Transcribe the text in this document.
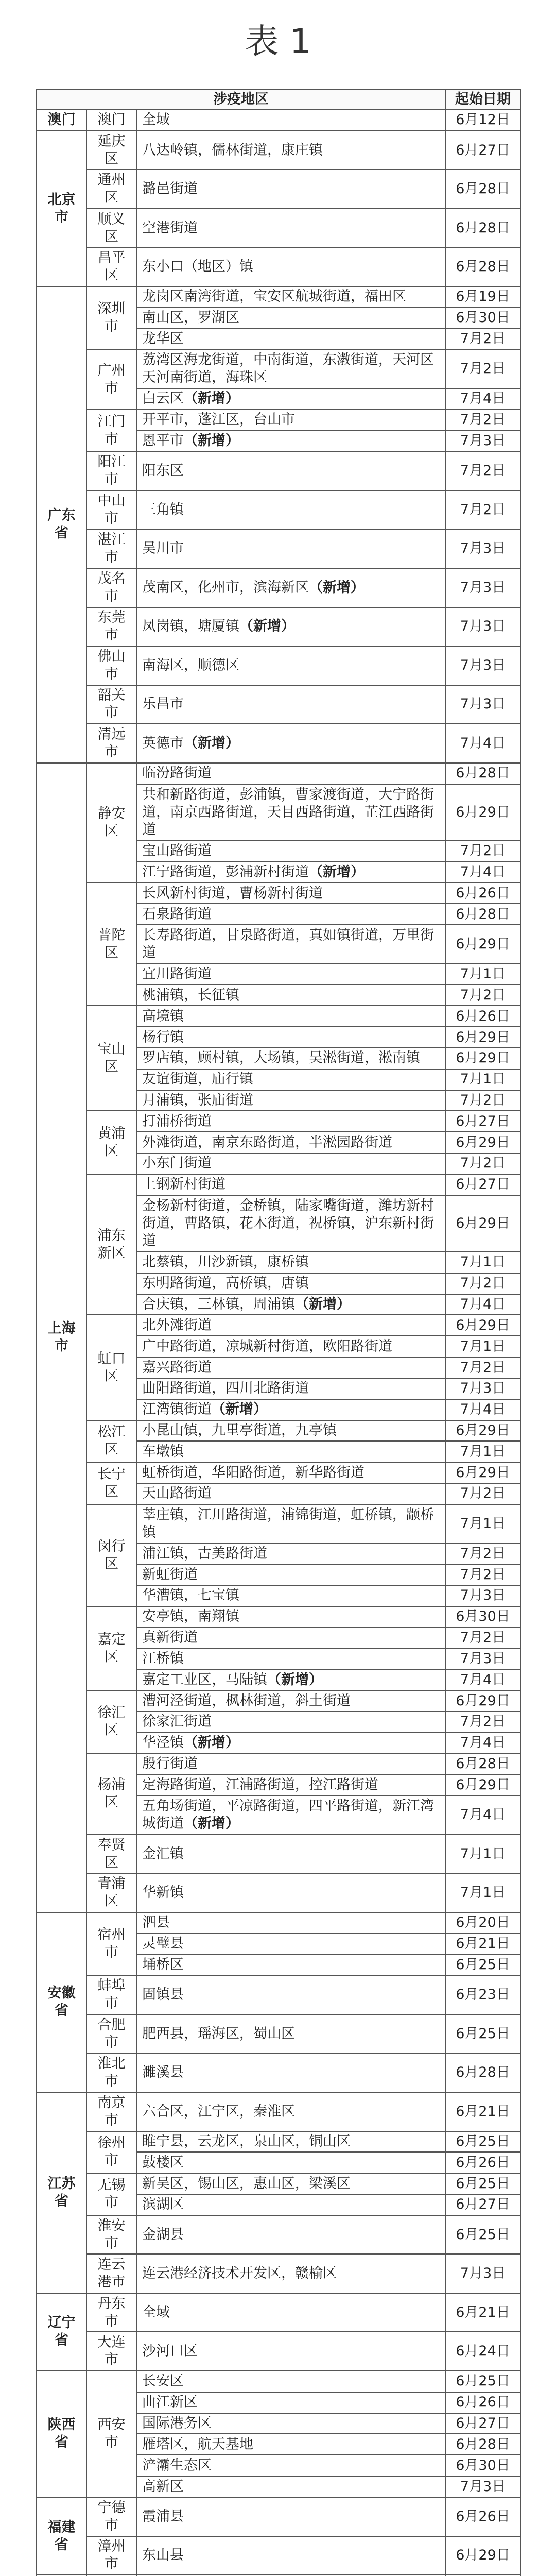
表 1
涉疫地区			起始日期
澳门	澳门	全域	6月12日
北京市	延庆区	八达岭镇，儒林街道，康庄镇	6月27日
	通州区	潞邑街道	6月28日
	顺义区	空港街道	6月28日
	昌平区	东小口（地区）镇	6月28日
广东省	深圳市	龙岗区南湾街道，宝安区航城街道，福田区	6月19日
		南山区，罗湖区	6月30日
		龙华区	7月2日
	广州市	荔湾区海龙街道，中南街道，东漖街道，天河区天河南街道，海珠区	7月2日
		白云区（新增）	7月4日
	江门市	开平市，蓬江区，台山市	7月2日
		恩平市（新增）	7月3日
	阳江市	阳东区	7月2日
	中山市	三角镇	7月2日
	湛江市	吴川市	7月3日
	茂名市	茂南区，化州市，滨海新区（新增）	7月3日
	东莞市	凤岗镇，塘厦镇（新增）	7月3日
	佛山市	南海区，顺德区	7月3日
	韶关市	乐昌市	7月3日
	清远市	英德市（新增）	7月4日
上海市	静安区	临汾路街道	6月28日
		共和新路街道，彭浦镇，曹家渡街道，大宁路街道，南京西路街道，天目西路街道，芷江西路街道	6月29日
		宝山路街道	7月2日
		江宁路街道，彭浦新村街道（新增）	7月4日
	普陀区	长风新村街道，曹杨新村街道	6月26日
		石泉路街道	6月28日
		长寿路街道，甘泉路街道，真如镇街道，万里街道	6月29日
		宜川路街道	7月1日
		桃浦镇，长征镇	7月2日
	宝山区	高境镇	6月26日
		杨行镇	6月29日
		罗店镇，顾村镇，大场镇，吴淞街道，淞南镇	6月29日
		友谊街道，庙行镇	7月1日
		月浦镇，张庙街道	7月2日
	黄浦区	打浦桥街道	6月27日
		外滩街道，南京东路街道，半淞园路街道	6月29日
		小东门街道	7月2日
	浦东新区	上钢新村街道	6月27日
		金杨新村街道，金桥镇，陆家嘴街道，潍坊新村街道，曹路镇，花木街道，祝桥镇，沪东新村街道	6月29日
		北蔡镇，川沙新镇，康桥镇	7月1日
		东明路街道，高桥镇，唐镇	7月2日
		合庆镇，三林镇，周浦镇（新增）	7月4日
	虹口区	北外滩街道	6月29日
		广中路街道，凉城新村街道，欧阳路街道	7月1日
		嘉兴路街道	7月2日
		曲阳路街道，四川北路街道	7月3日
		江湾镇街道（新增）	7月4日
	松江区	小昆山镇，九里亭街道，九亭镇	6月29日
		车墩镇	7月1日
	长宁区	虹桥街道，华阳路街道，新华路街道	6月29日
		天山路街道	7月2日
	闵行区	莘庄镇，江川路街道，浦锦街道，虹桥镇，颛桥镇	7月1日
		浦江镇，古美路街道	7月2日
		新虹街道	7月2日
		华漕镇，七宝镇	7月3日
	嘉定区	安亭镇，南翔镇	6月30日
		真新街道	7月2日
		江桥镇	7月3日
		嘉定工业区，马陆镇（新增）	7月4日
	徐汇区	漕河泾街道，枫林街道，斜土街道	6月29日
		徐家汇街道	7月2日
		华泾镇（新增）	7月4日
	杨浦区	殷行街道	6月28日
		定海路街道，江浦路街道，控江路街道	6月29日
		五角场街道，平凉路街道，四平路街道，新江湾城街道（新增）	7月4日
	奉贤区	金汇镇	7月1日
	青浦区	华新镇	7月1日
安徽省	宿州市	泗县	6月20日
		灵璧县	6月21日
		埇桥区	6月25日
	蚌埠市	固镇县	6月23日
	合肥市	肥西县，瑶海区，蜀山区	6月25日
	淮北市	濉溪县	6月28日
江苏省	南京市	六合区，江宁区，秦淮区	6月21日
	徐州市	睢宁县，云龙区，泉山区，铜山区	6月25日
		鼓楼区	6月26日
	无锡市	新吴区，锡山区，惠山区，梁溪区	6月25日
		滨湖区	6月27日
	淮安市	金湖县	6月25日
	连云港市	连云港经济技术开发区，赣榆区	7月3日
辽宁省	丹东市	全域	6月21日
	大连市	沙河口区	6月24日
陕西省	西安市	长安区	6月25日
		曲江新区	6月26日
		国际港务区	6月27日
		雁塔区，航天基地	6月28日
		浐灞生态区	6月30日
		高新区	7月3日
福建省	宁德市	霞浦县	6月26日
	漳州市	东山县	6月29日
